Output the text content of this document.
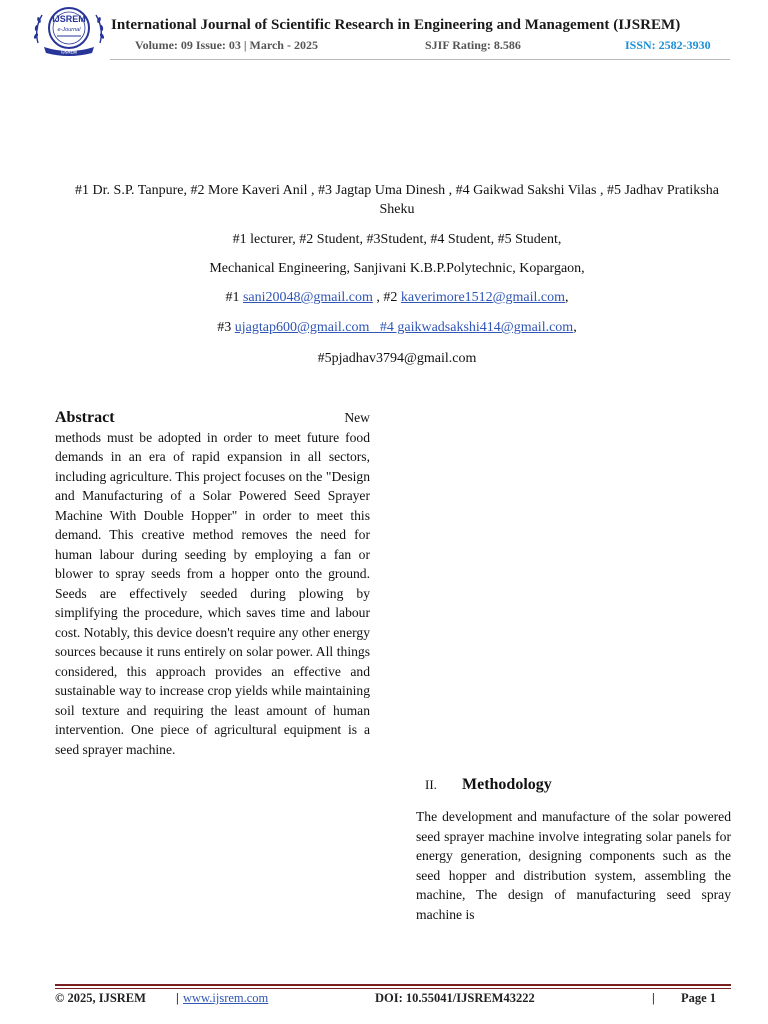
IJSREM
e-Journal
IJSREM
International Journal of Scientific Research in Engineering and Management (IJSREM)
Volume: 09 Issue: 03 | March - 2025	SJIF Rating: 8.586	ISSN: 2582-3930
#1 Dr. S.P. Tanpure, #2 More Kaveri Anil , #3 Jagtap Uma Dinesh , #4 Gaikwad Sakshi Vilas , #5 Jadhav Pratiksha Sheku
#1 lecturer, #2 Student, #3Student, #4 Student, #5 Student,
Mechanical Engineering, Sanjivani K.B.P.Polytechnic, Kopargaon,
#1 sani20048@gmail.com , #2 kaverimore1512@gmail.com,
#3 ujagtap600@gmail.com   #4 gaikwadsakshi414@gmail.com,
#5pjadhav3794@gmail.com
Abstract	New
methods must be adopted in order to meet future food demands in an era of rapid expansion in all sectors, including agriculture. This project focuses on the "Design and Manufacturing of a Solar Powered Seed Sprayer Machine With Double Hopper" in order to meet this demand. This creative method removes the need for human labour during seeding by employing a fan or blower to spray seeds from a hopper onto the ground. Seeds are effectively seeded during plowing by simplifying the procedure, which saves time and labour cost. Notably, this device doesn't require any other energy sources because it runs entirely on solar power. All things considered, this approach provides an effective and sustainable way to increase crop yields while maintaining soil texture and requiring the least amount of human intervention. One piece of agricultural equipment is a seed sprayer machine.
II. Methodology
The development and manufacture of the solar powered seed sprayer machine involve integrating solar panels for energy generation, designing components such as the seed hopper and distribution system, assembling the machine, The design of manufacturing seed spray machine is
© 2025, IJSREM | www.ijsrem.com	DOI: 10.55041/IJSREM43222	| Page 1
